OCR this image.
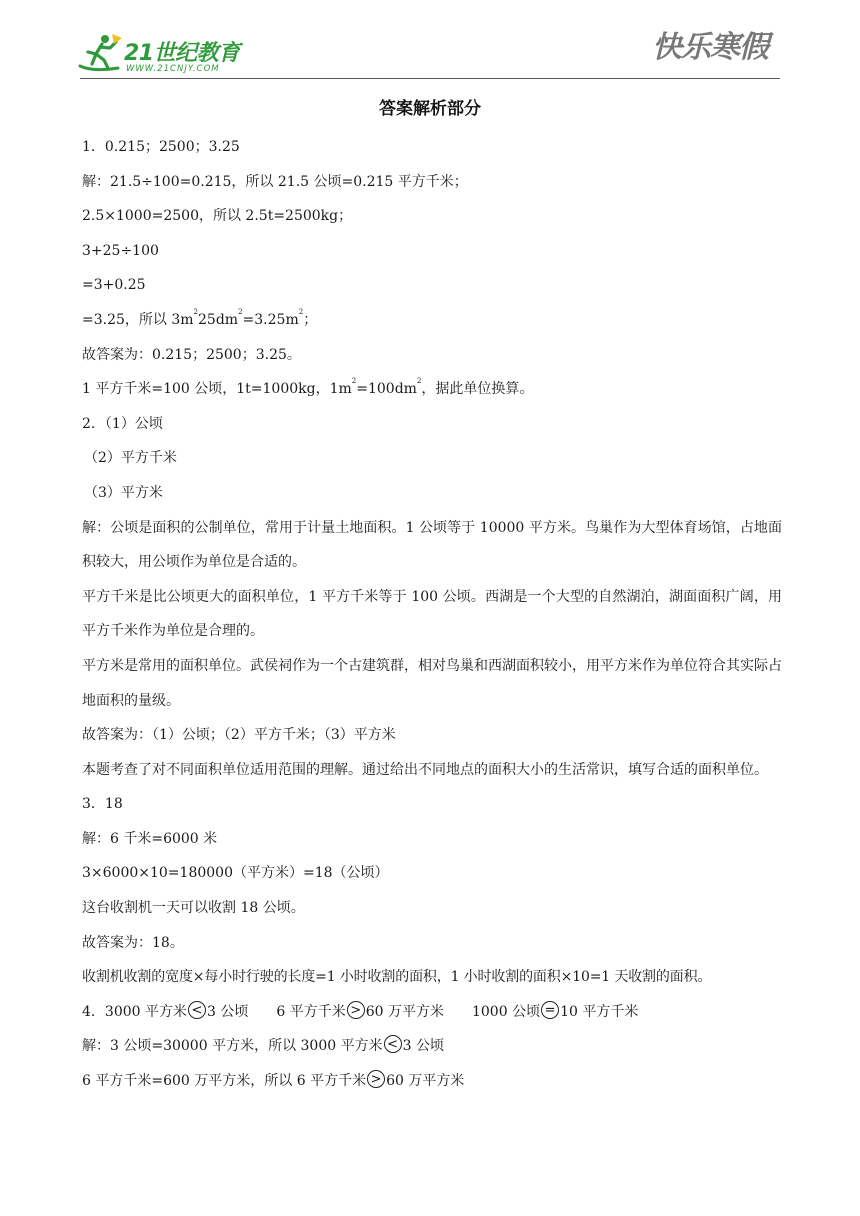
21世纪教育
WWW.21CNJY.COM
快乐寒假
答案解析部分
1．0.215；2500；3.25
解：21.5÷100=0.215，所以 21.5 公顷=0.215 平方千米；
2.5×1000=2500，所以 2.5t=2500kg；
3+25÷100
=3+0.25
=3.25，所以 $3m^225dm^2=3.25m^2$；
故答案为：0.215；2500；3.25。
1 平方千米=100 公顷，1t=1000kg，$1m^2=100dm^2$，据此单位换算。
2．（1）公顷
（2）平方千米
（3）平方米
解：公顷是面积的公制单位，常用于计量土地面积。1 公顷等于 10000 平方米。鸟巢作为大型体育场馆，占地面积较大，用公顷作为单位是合适的。
平方千米是比公顷更大的面积单位，1 平方千米等于 100 公顷。西湖是一个大型的自然湖泊，湖面面积广阔，用平方千米作为单位是合理的。
平方米是常用的面积单位。武侯祠作为一个古建筑群，相对鸟巢和西湖面积较小，用平方米作为单位符合其实际占地面积的量级。
故答案为：（1）公顷；（2）平方千米；（3）平方米
本题考查了对不同面积单位适用范围的理解。通过给出不同地点的面积大小的生活常识，填写合适的面积单位。
3．18
解：6 千米=6000 米
3×6000×10=180000（平方米）=18（公顷）
这台收割机一天可以收割 18 公顷。
故答案为：18。
收割机收割的宽度×每小时行驶的长度=1 小时收割的面积，1 小时收割的面积×10=1 天收割的面积。
4．3000 平方米 < 3 公顷 6 平方千米 > 60 万平方米 1000 公顷 = 10 平方千米
解：3 公顷=30000 平方米，所以 3000 平方米 < 3 公顷
6 平方千米=600 万平方米，所以 6 平方千米 > 60 万平方米
